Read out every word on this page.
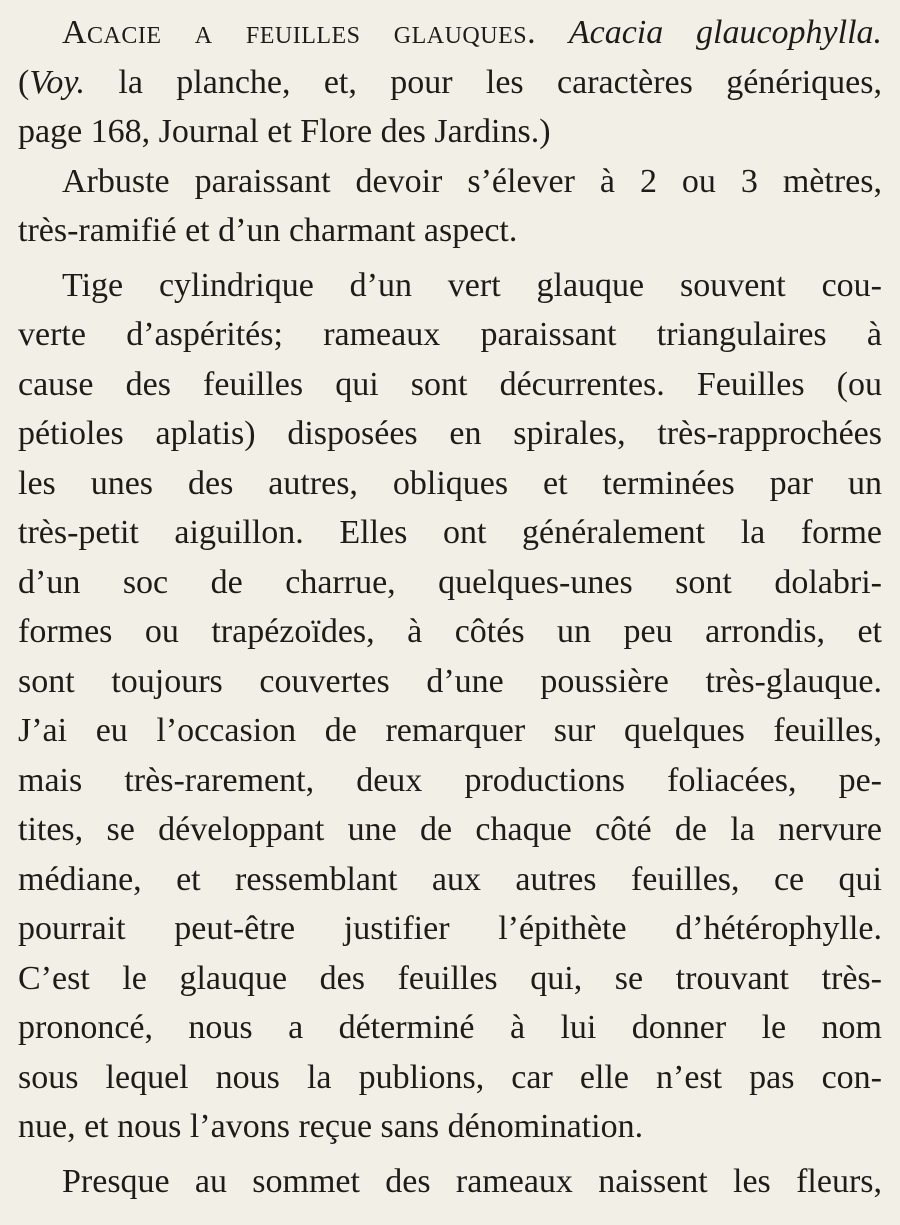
Acacie a feuilles glauques. Acacia glaucophylla.
(Voy. la planche, et, pour les caractères génériques,
page 168, Journal et Flore des Jardins.)
Arbuste paraissant devoir s’élever à 2 ou 3 mètres,
très-ramifié et d’un charmant aspect.
Tige cylindrique d’un vert glauque souvent cou-
verte d’aspérités; rameaux paraissant triangulaires à
cause des feuilles qui sont décurrentes. Feuilles (ou
pétioles aplatis) disposées en spirales, très-rapprochées
les unes des autres, obliques et terminées par un
très-petit aiguillon. Elles ont généralement la forme
d’un soc de charrue, quelques-unes sont dolabri-
formes ou trapézoïdes, à côtés un peu arrondis, et
sont toujours couvertes d’une poussière très-glauque.
J’ai eu l’occasion de remarquer sur quelques feuilles,
mais très-rarement, deux productions foliacées, pe-
tites, se développant une de chaque côté de la nervure
médiane, et ressemblant aux autres feuilles, ce qui
pourrait peut-être justifier l’épithète d’hétérophylle.
C’est le glauque des feuilles qui, se trouvant très-
prononcé, nous a déterminé à lui donner le nom
sous lequel nous la publions, car elle n’est pas con-
nue, et nous l’avons reçue sans dénomination.
Presque au sommet des rameaux naissent les fleurs,
